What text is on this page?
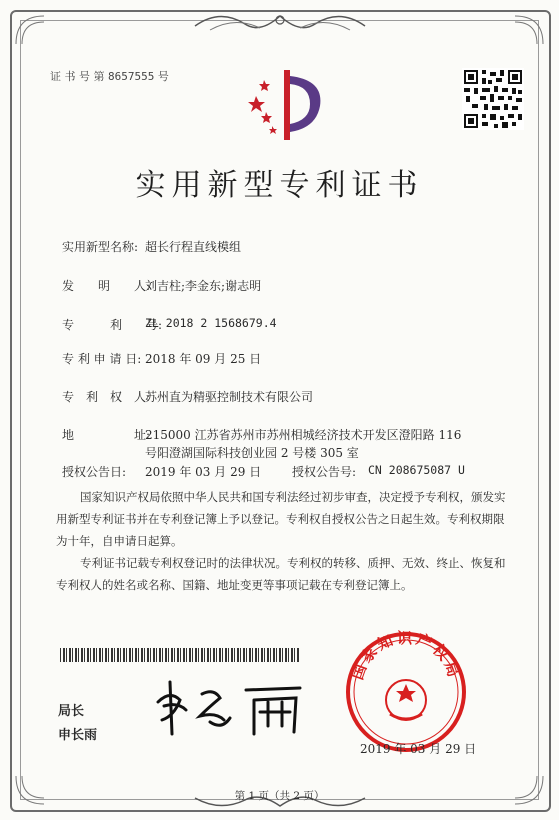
证 书 号 第 8657555 号
实用新型专利证书
实用新型名称: 超长行程直线模组
发　　明　　人:
刘吉柱;李金东;谢志明
专　　　利　　号:
ZL 2018 2 1568679.4
专 利 申 请 日: 2018 年 09 月 25 日
专　利　权　人:
苏州直为精驱控制技术有限公司
地　　　　　址:
215000 江苏省苏州市苏州相城经济技术开发区澄阳路 116
号阳澄湖国际科技创业园 2 号楼 305 室
授权公告日: 2019 年 03 月 29 日	授权公告号: CN 208675087 U
国家知识产权局依照中华人民共和国专利法经过初步审查，决定授予专利权，颁发实用新型专利证书并在专利登记簿上予以登记。专利权自授权公告之日起生效。专利权期限为十年，自申请日起算。
专利证书记载专利权登记时的法律状况。专利权的转移、质押、无效、终止、恢复和专利权人的姓名或名称、国籍、地址变更等事项记载在专利登记簿上。
局长
申长雨
国家知识产权局
2019 年 03 月 29 日
第 1 页（共 2 页）
